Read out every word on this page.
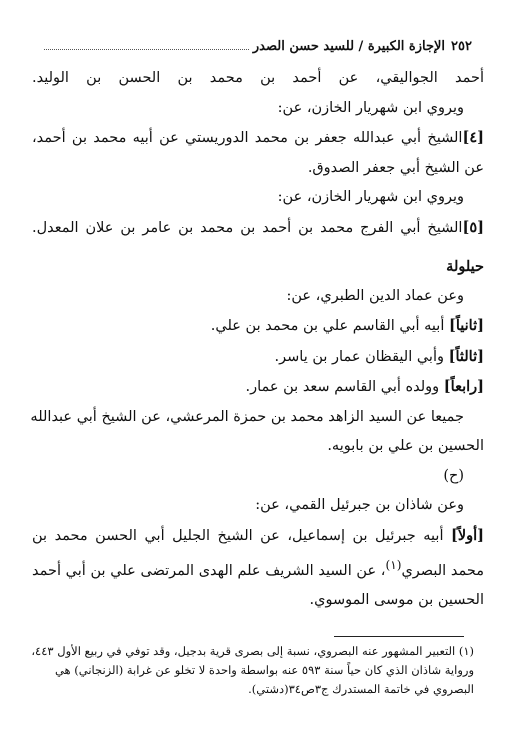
٢٥٢
الإجازة الكبيرة / للسيد حسن الصدر
أحمد الجواليقي، عن أحمد بن محمد بن الحسن بن الوليد.
ويروي ابن شهريار الخازن، عن:
[٤]الشيخ أبي عبدالله جعفر بن محمد الدوريستي عن أبيه محمد بن أحمد،
عن الشيخ أبي جعفر الصدوق.
ويروي ابن شهريار الخازن، عن:
[٥]الشيخ أبي الفرج محمد بن أحمد بن محمد بن عامر بن علان المعدل.
حيلولة
وعن عماد الدين الطبري، عن:
[ثانياً] أبيه أبي القاسم علي بن محمد بن علي.
[ثالثاً] وأبي اليقظان عمار بن ياسر.
[رابعاً] وولده أبي القاسم سعد بن عمار.
جميعا عن السيد الزاهد محمد بن حمزة المرعشي، عن الشيخ أبي عبدالله
الحسين بن علي بن بابويه.
(ح)
وعن شاذان بن جبرئيل القمي، عن:
[أولاً] أبيه جبرئيل بن إسماعيل، عن الشيخ الجليل أبي الحسن محمد بن
محمد البصري$^{(١)}$، عن السيد الشريف علم الهدى المرتضى علي بن أبي أحمد
الحسين بن موسى الموسوي.
(١) التعبير المشهور عنه البصروي، نسبة إلى بصرى قرية بدجيل، وقد توفي في ربيع الأول ٤٤٣،
ورواية شاذان الذي كان حياً سنة ٥٩٣ عنه بواسطة واحدة لا تخلو عن غرابة (الزنجاني) هي
البصروي في خاتمة المستدرك ج٣ص٣٤(دشتي).
